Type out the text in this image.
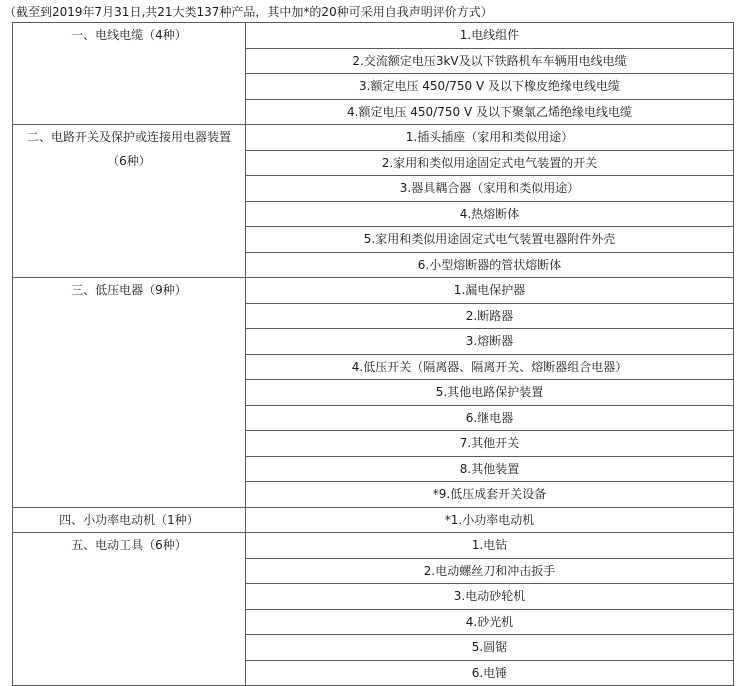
（截至到2019年7月31日,共21大类137种产品，其中加*的20种可采用自我声明评价方式）
一、电线电缆（4种）	1.电线组件
	2.交流额定电压3kV及以下铁路机车车辆用电线电缆
	3.额定电压 450/750 V 及以下橡皮绝缘电线电缆
	4.额定电压 450/750 V 及以下聚氯乙烯绝缘电线电缆

二、电路开关及保护或连接用电器装置
（6种）	1.插头插座（家用和类似用途）
	2.家用和类似用途固定式电气装置的开关
	3.器具耦合器（家用和类似用途）
	4.热熔断体
	5.家用和类似用途固定式电气装置电器附件外壳
	6.小型熔断器的管状熔断体

三、低压电器（9种）	1.漏电保护器
	2.断路器
	3.熔断器
	4.低压开关（隔离器、隔离开关、熔断器组合电器）
	5.其他电路保护装置
	6.继电器
	7.其他开关
	8.其他装置
	*9.低压成套开关设备

四、小功率电动机（1种）	*1.小功率电动机

五、电动工具（6种）	1.电钻
	2.电动螺丝刀和冲击扳手
	3.电动砂轮机
	4.砂光机
	5.圆锯
	6.电锤
